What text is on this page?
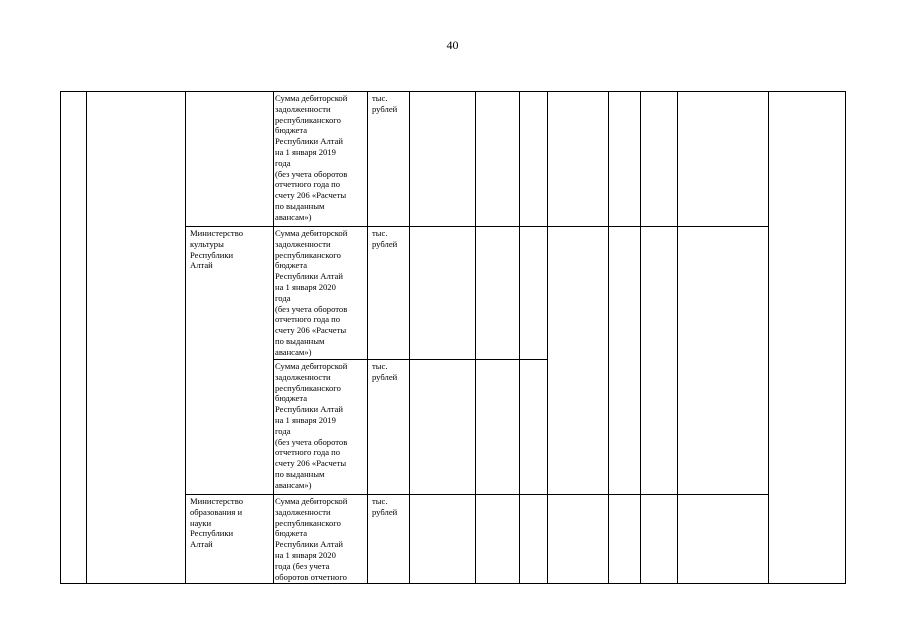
40
Сумма дебиторской
задолженности
республиканского
бюджета
Республики Алтай
на 1 января 2019
года
(без учета оборотов
отчетного года по
счету 206 «Расчеты
по выданным
авансам»)
тыс.
рублей
Министерство
культуры
Республики
Алтай
Сумма дебиторской
задолженности
республиканского
бюджета
Республики Алтай
на 1 января 2020
года
(без учета оборотов
отчетного года по
счету 206 «Расчеты
по выданным
авансам»)
тыс.
рублей
Сумма дебиторской
задолженности
республиканского
бюджета
Республики Алтай
на 1 января 2019
года
(без учета оборотов
отчетного года по
счету 206 «Расчеты
по выданным
авансам»)
тыс.
рублей
Министерство
образования и
науки
Республики
Алтай
Сумма дебиторской
задолженности
республиканского
бюджета
Республики Алтай
на 1 января 2020
года (без учета
оборотов отчетного
тыс.
рублей
